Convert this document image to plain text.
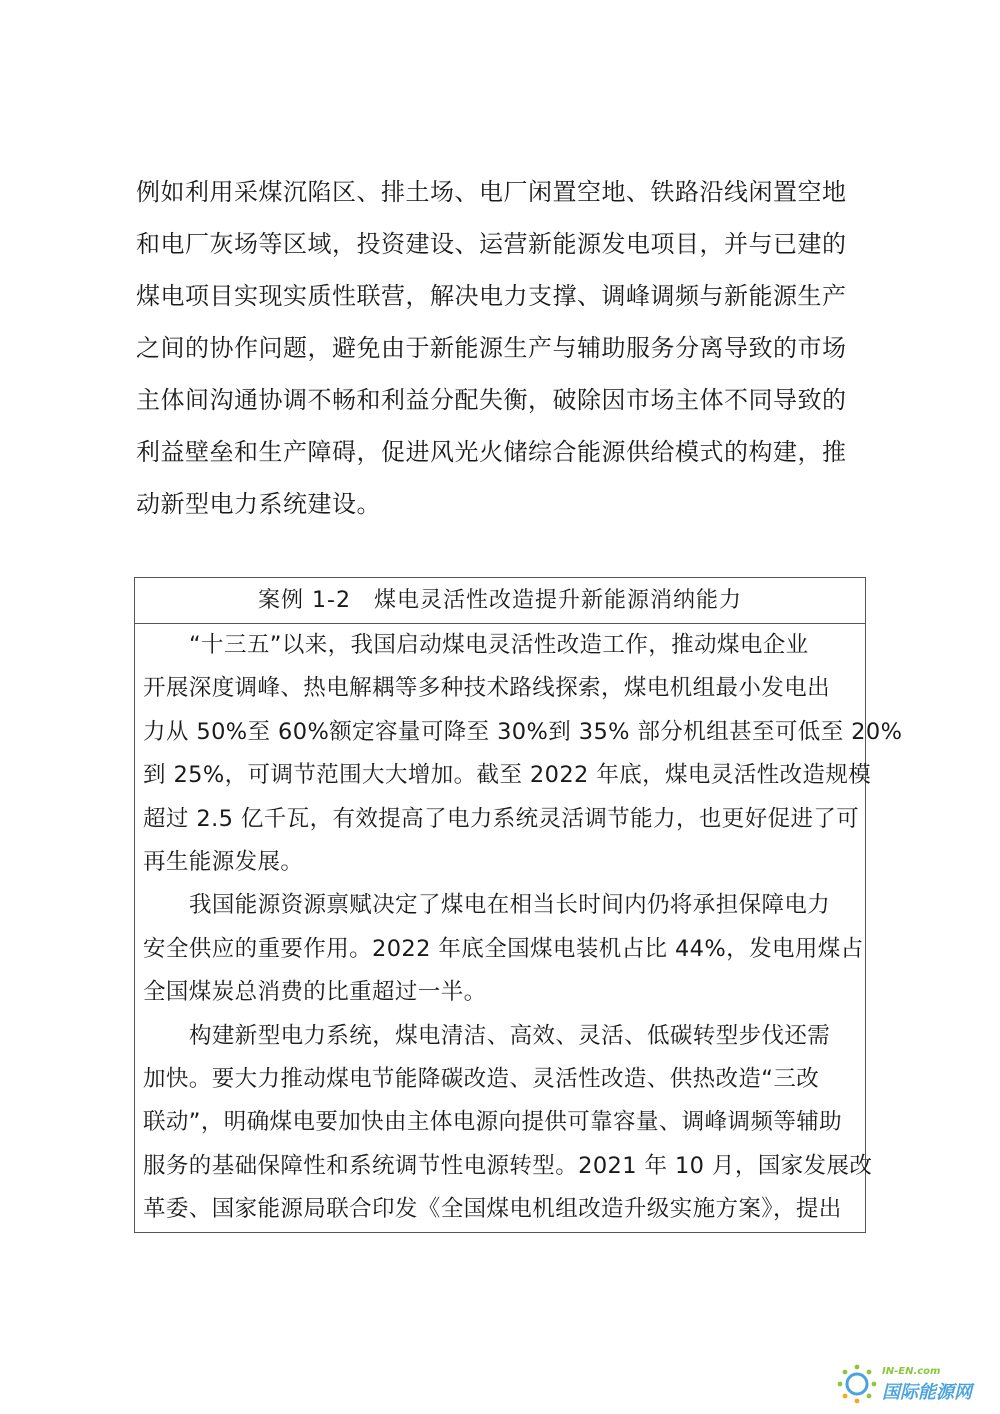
例如利用采煤沉陷区、排土场、电厂闲置空地、铁路沿线闲置空地
和电厂灰场等区域，投资建设、运营新能源发电项目，并与已建的
煤电项目实现实质性联营，解决电力支撑、调峰调频与新能源生产
之间的协作问题，避免由于新能源生产与辅助服务分离导致的市场
主体间沟通协调不畅和利益分配失衡，破除因市场主体不同导致的
利益壁垒和生产障碍，促进风光火储综合能源供给模式的构建，推
动新型电力系统建设。
案例 1-2　煤电灵活性改造提升新能源消纳能力
“十三五”以来，我国启动煤电灵活性改造工作，推动煤电企业
开展深度调峰、热电解耦等多种技术路线探索，煤电机组最小发电出
力从 50%至 60%额定容量可降至 30%到 35% 部分机组甚至可低至 20%
到 25%，可调节范围大大增加。截至 2022 年底，煤电灵活性改造规模
超过 2.5 亿千瓦，有效提高了电力系统灵活调节能力，也更好促进了可
再生能源发展。
我国能源资源禀赋决定了煤电在相当长时间内仍将承担保障电力
安全供应的重要作用。2022 年底全国煤电装机占比 44%，发电用煤占
全国煤炭总消费的比重超过一半。
构建新型电力系统，煤电清洁、高效、灵活、低碳转型步伐还需
加快。要大力推动煤电节能降碳改造、灵活性改造、供热改造“三改
联动”，明确煤电要加快由主体电源向提供可靠容量、调峰调频等辅助
服务的基础保障性和系统调节性电源转型。2021 年 10 月，国家发展改
革委、国家能源局联合印发《全国煤电机组改造升级实施方案》，提出
IN-EN.com
国际能源网
